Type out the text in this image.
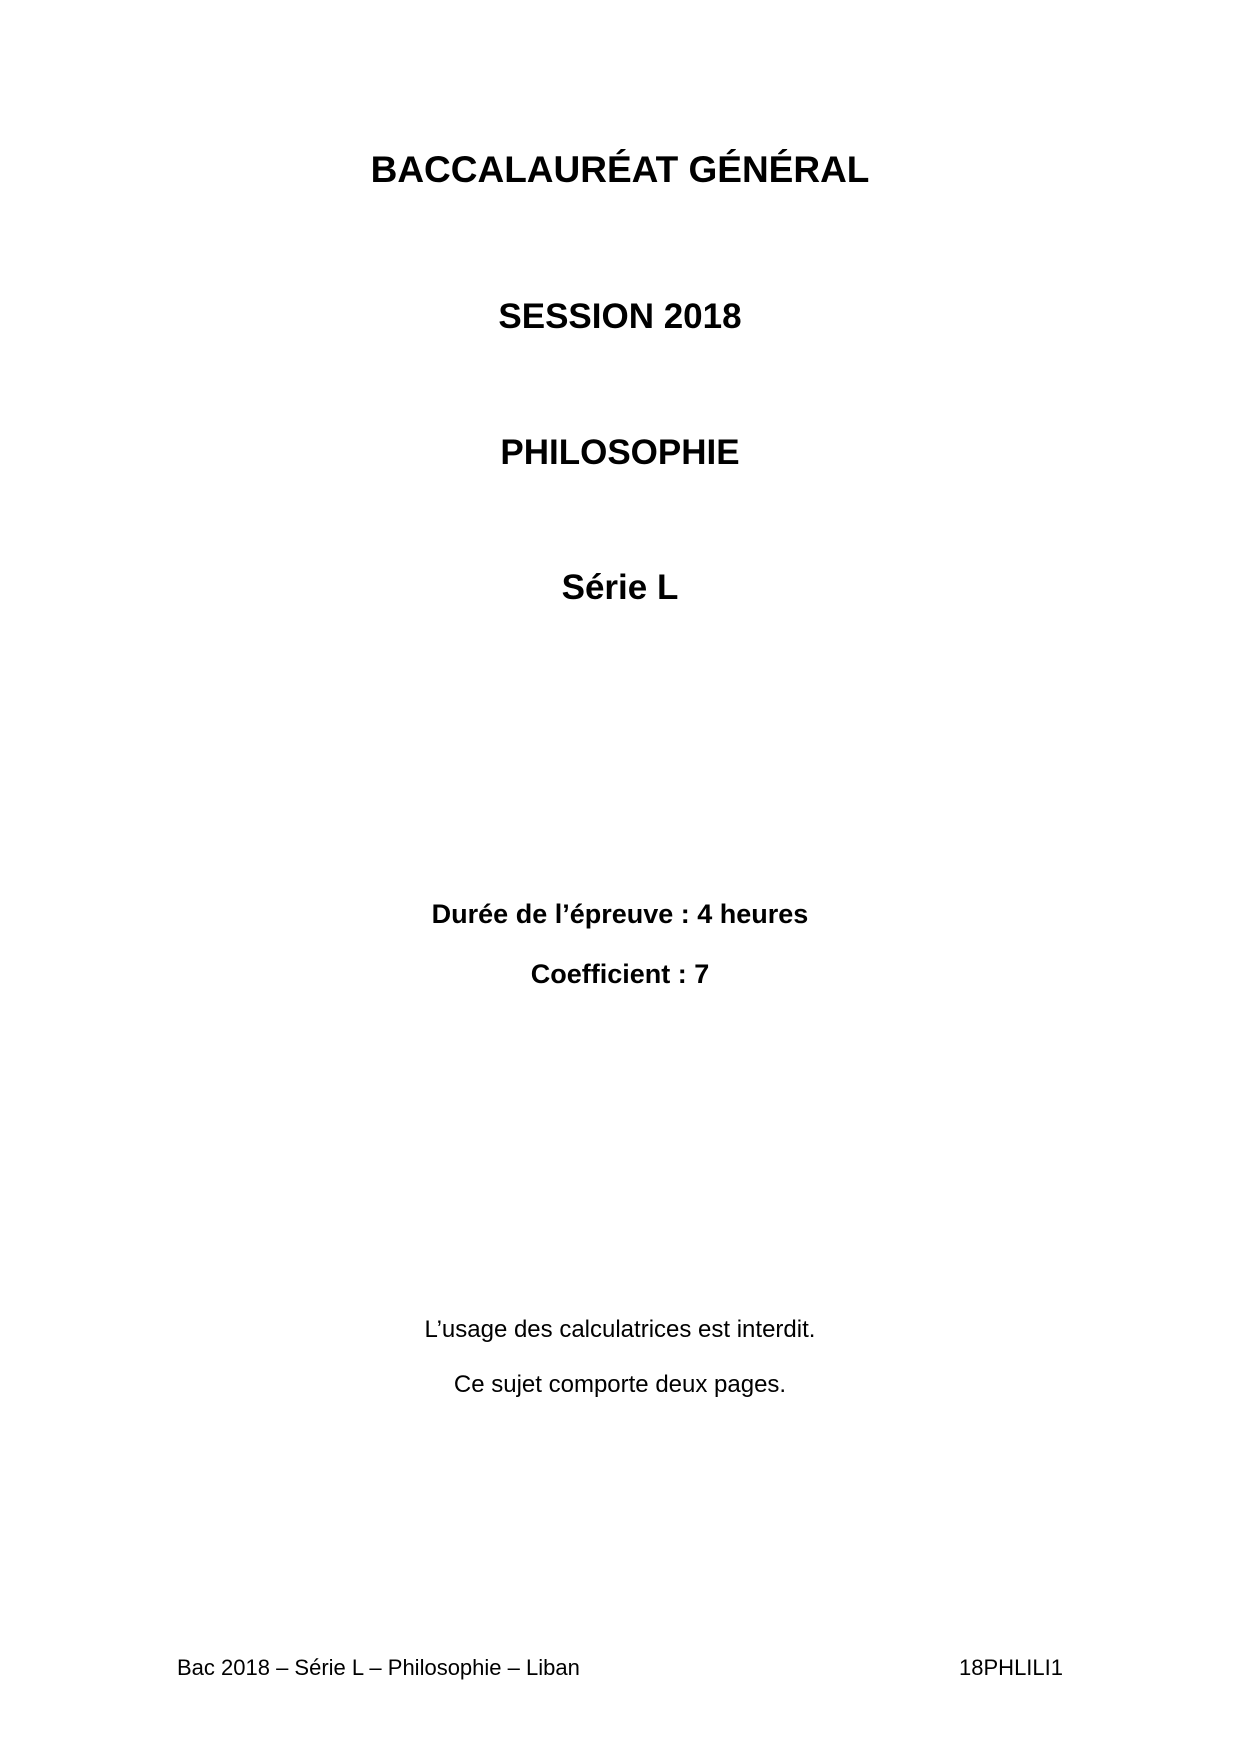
BACCALAURÉAT GÉNÉRAL
SESSION 2018
PHILOSOPHIE
Série L
Durée de l’épreuve : 4 heures
Coefficient : 7
L’usage des calculatrices est interdit.
Ce sujet comporte deux pages.
Bac 2018 – Série L – Philosophie – Liban	18PHLILI1
